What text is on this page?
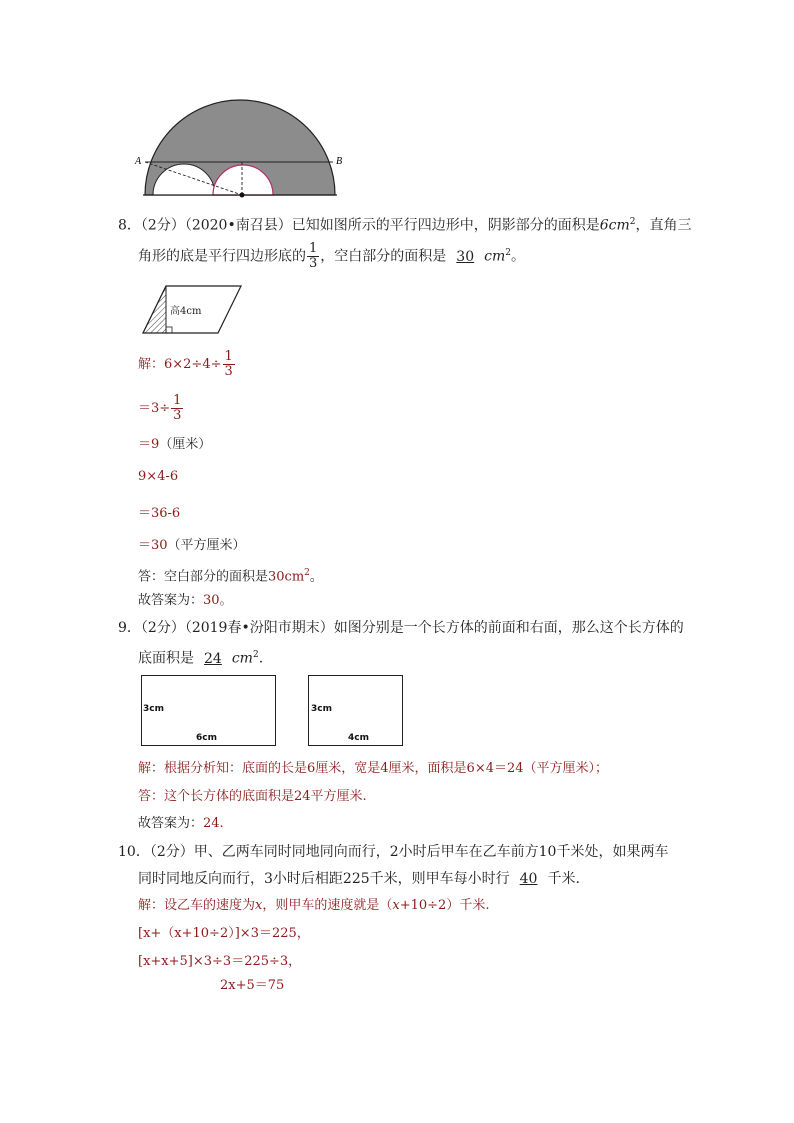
A	B
8．（2分）（2020•南召县）已知如图所示的平行四边形中，阴影部分的面积是$6cm^2$，直角三
角形的底是平行四边形底的 $\frac{1}{3}$ ，空白部分的面积是 30 $cm^2$。
高4cm
解：$6\times 2\div 4\div \frac{1}{3}$
$=3\div \frac{1}{3}$
＝9（厘米）
9×4-6
＝36-6
＝30（平方厘米）
答：空白部分的面积是$30cm^2$。
故答案为：30。
9．（2分）（2019春•汾阳市期末）如图分别是一个长方体的前面和右面，那么这个长方体的
底面积是 24 $cm^2$.
3cm
6cm
3cm
4cm
解：根据分析知：底面的长是6厘米，宽是4厘米，面积是6×4＝24（平方厘米）；
答：这个长方体的底面积是24平方厘米.
故答案为：24.
10．（2分）甲、乙两车同时同地同向而行，2小时后甲车在乙车前方10千米处，如果两车
同时同地反向而行，3小时后相距225千米，则甲车每小时行 40 千米.
解：设乙车的速度为x，则甲车的速度就是（x+10÷2）千米.
[x+（x+10÷2）]×3＝225，
[x+x+5]×3÷3＝225÷3，
2x+5＝75
